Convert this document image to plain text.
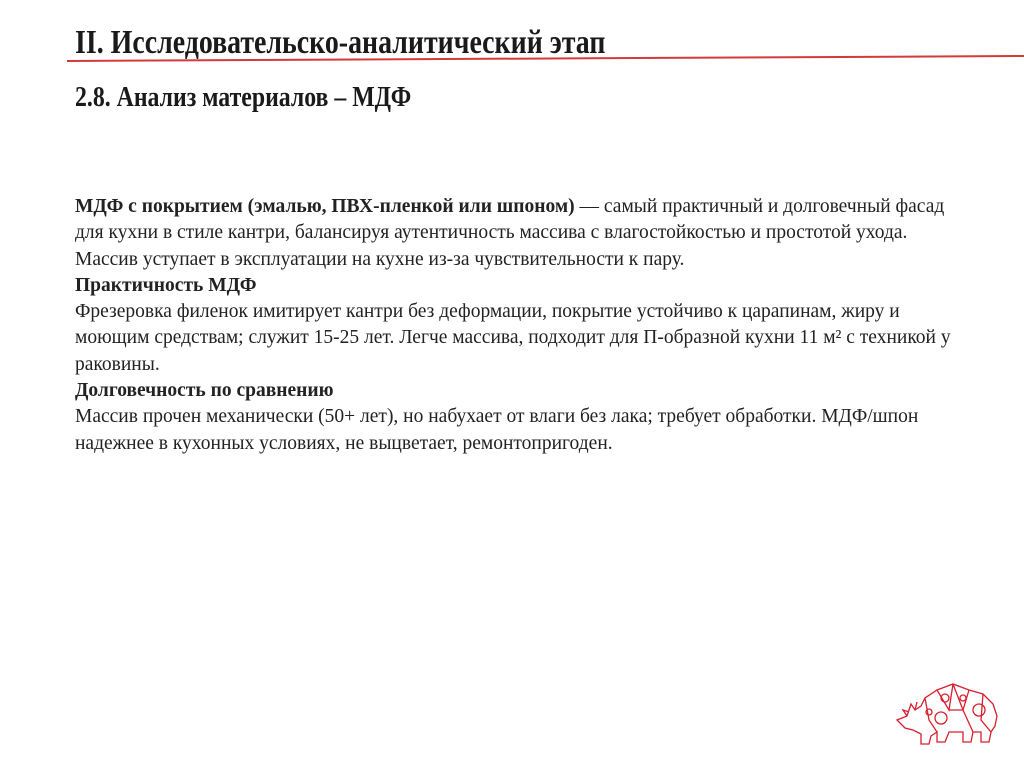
II. Исследовательско-аналитический этап
2.8. Анализ материалов – МДФ

МДФ с покрытием (эмалью, ПВХ-пленкой или шпоном) — самый практичный и долговечный фасад для кухни в стиле кантри, балансируя аутентичность массива с влагостойкостью и простотой ухода. Массив уступает в эксплуатации на кухне из-за чувствительности к пару.

Практичность МДФ

Фрезеровка филенок имитирует кантри без деформации, покрытие устойчиво к царапинам, жиру и моющим средствам; служит 15-25 лет. Легче массива, подходит для П-образной кухни 11 м² с техникой у раковины.

Долговечность по сравнению

Массив прочен механически (50+ лет), но набухает от влаги без лака; требует обработки. МДФ/шпон надежнее в кухонных условиях, не выцветает, ремонтопригоден.
